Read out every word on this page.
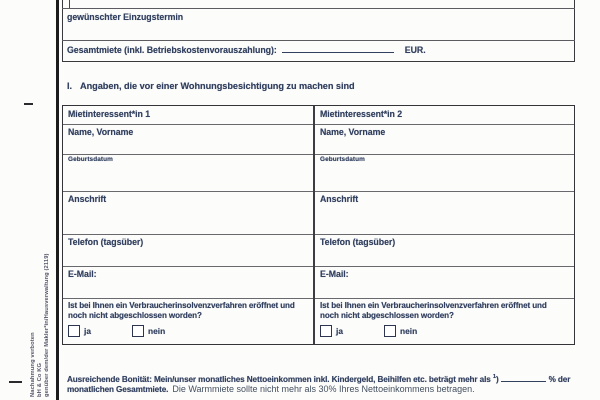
Nachahmung verboten bH & Co KG genüber dem/der Makler*in/Hausverwaltung (2119)
gewünschter Einzugstermin
Gesamtmiete (inkl. Betriebskostenvorauszahlung):	EUR.
I. Angaben, die vor einer Wohnungsbesichtigung zu machen sind
Mietinteressent*in 1
Name, Vorname
Geburtsdatum
Anschrift
Telefon (tagsüber)
E-Mail:
Ist bei Ihnen ein Verbraucherinsolvenzverfahren eröffnet und noch nicht abgeschlossen worden?
ja	nein
Mietinteressent*in 2
Name, Vorname
Geburtsdatum
Anschrift
Telefon (tagsüber)
E-Mail:
Ist bei Ihnen ein Verbraucherinsolvenzverfahren eröffnet und noch nicht abgeschlossen worden?
ja	nein
Ausreichende Bonität: Mein/unser monatliches Nettoeinkommen inkl. Kindergeld, Beihilfen etc. beträgt mehr als $^1$)	% der
monatlichen Gesamtmiete. Die Warmmiete sollte nicht mehr als 30% Ihres Nettoeinkommens betragen.
